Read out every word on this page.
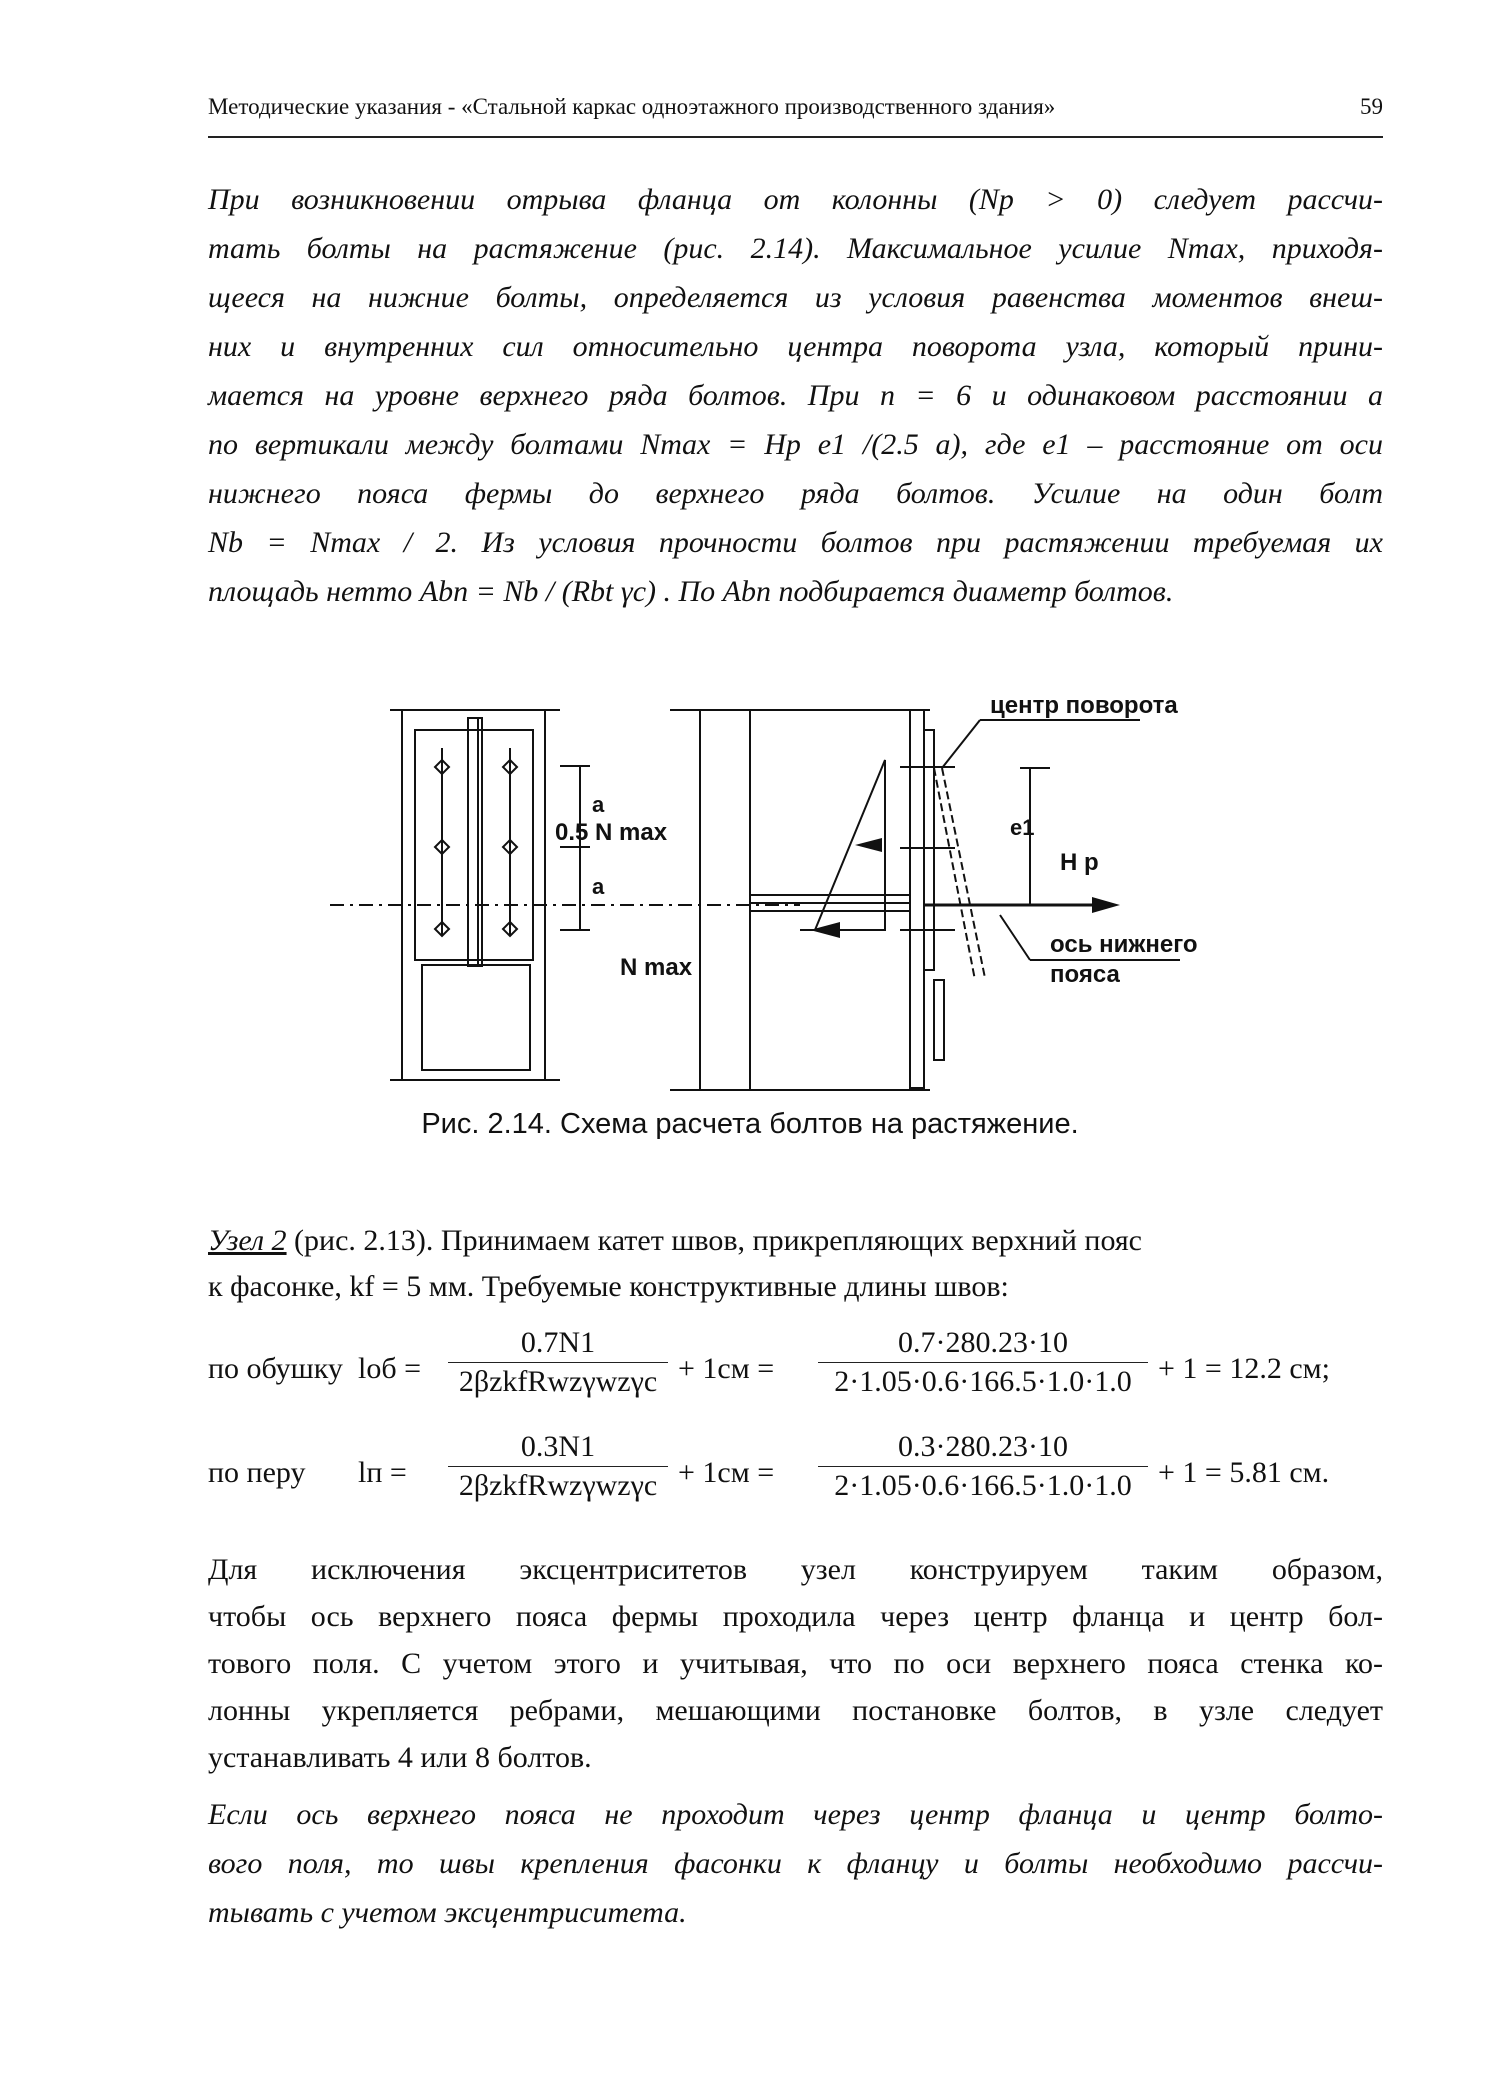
Методические указания - «Стальной каркас одноэтажного производственного здания»	59
При возникновении отрыва фланца от колонны (Nр > 0) следует рассчи-
тать болты на растяжение (рис. 2.14). Максимальное усилие Nmax, приходя-
щееся на нижние болты, определяется из условия равенства моментов внеш-
них и внутренних сил относительно центра поворота узла, который прини-
мается на уровне верхнего ряда болтов. При n = 6 и одинаковом расстоянии а
по вертикали между болтами Nmax = Hp e1 /(2.5 a), где e1 – расстояние от оси
нижнего пояса фермы до верхнего ряда болтов. Усилие на один болт
Nb = Nmax / 2. Из условия прочности болтов при растяжении требуемая их
площадь нетто Abn = Nb / (Rbt γc) . По Abn подбирается диаметр болтов.
центр поворота
0.5 N max
N max
H p
e1
a
a
ось нижнего
пояса
Рис. 2.14. Схема расчета болтов на растяжение.
Узел 2 (рис. 2.13). Принимаем катет швов, прикрепляющих верхний пояс
к фасонке, kf = 5 мм. Требуемые конструктивные длины швов:
по обушку lоб =
0.7N1
2βzkfRwzγwzγc + 1см =
0.7·280.23·10
2·1.05·0.6·166.5·1.0·1.0 + 1 = 12.2 см;
по перу lп =
0.3N1
2βzkfRwzγwzγc + 1см =
0.3·280.23·10
2·1.05·0.6·166.5·1.0·1.0 + 1 = 5.81 см.
Для исключения эксцентриситетов узел конструируем таким образом,
чтобы ось верхнего пояса фермы проходила через центр фланца и центр бол-
тового поля. С учетом этого и учитывая, что по оси верхнего пояса стенка ко-
лонны укрепляется ребрами, мешающими постановке болтов, в узле следует
устанавливать 4 или 8 болтов.
Если ось верхнего пояса не проходит через центр фланца и центр болто-
вого поля, то швы крепления фасонки к фланцу и болты необходимо рассчи-
тывать с учетом эксцентриситета.
